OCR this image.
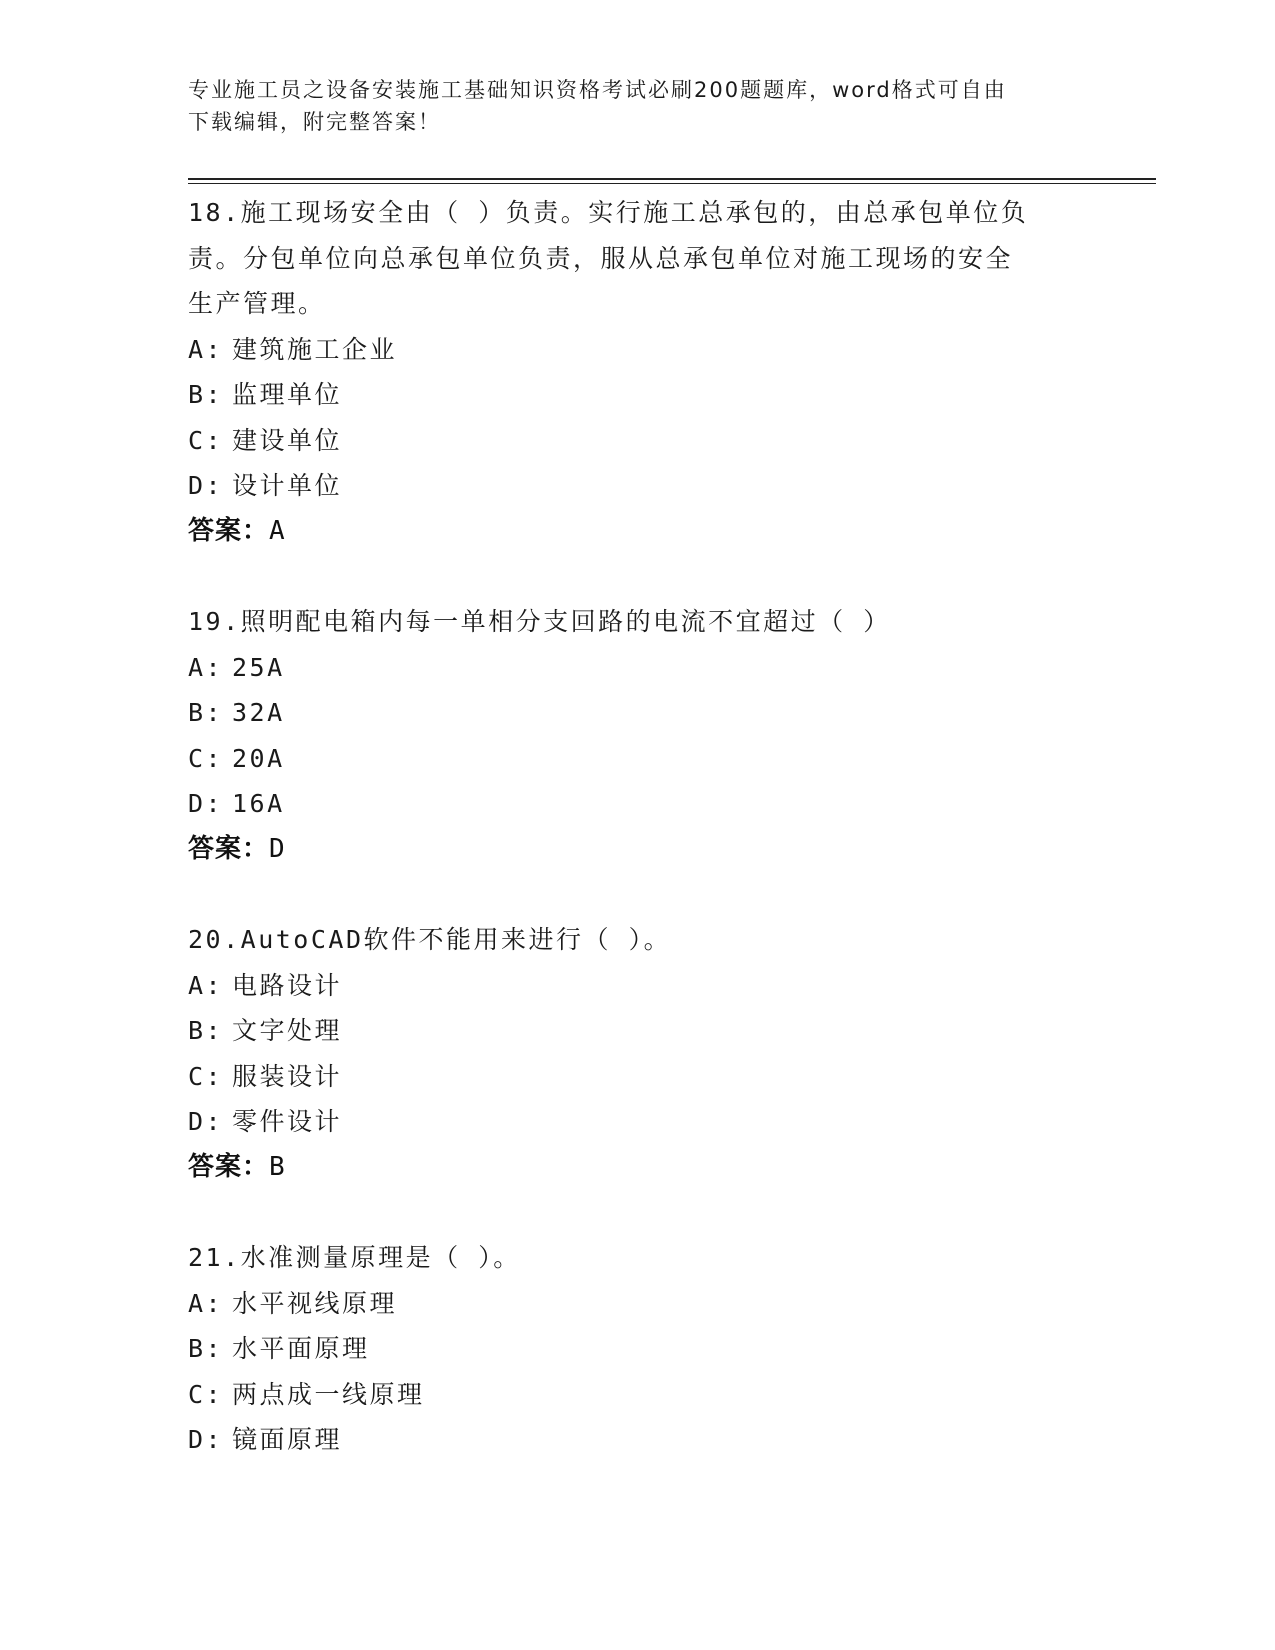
专业施工员之设备安装施工基础知识资格考试必刷200题题库，word格式可自由
下载编辑，附完整答案！
18.施工现场安全由（ ）负责。实行施工总承包的，由总承包单位负
责。分包单位向总承包单位负责，服从总承包单位对施工现场的安全
生产管理。
A: 建筑施工企业
B: 监理单位
C: 建设单位
D: 设计单位
答案：A
19.照明配电箱内每一单相分支回路的电流不宜超过（ ）
A: 25A
B: 32A
C: 20A
D: 16A
答案：D
20.AutoCAD软件不能用来进行（ ）。
A: 电路设计
B: 文字处理
C: 服装设计
D: 零件设计
答案：B
21.水准测量原理是（ ）。
A: 水平视线原理
B: 水平面原理
C: 两点成一线原理
D: 镜面原理
